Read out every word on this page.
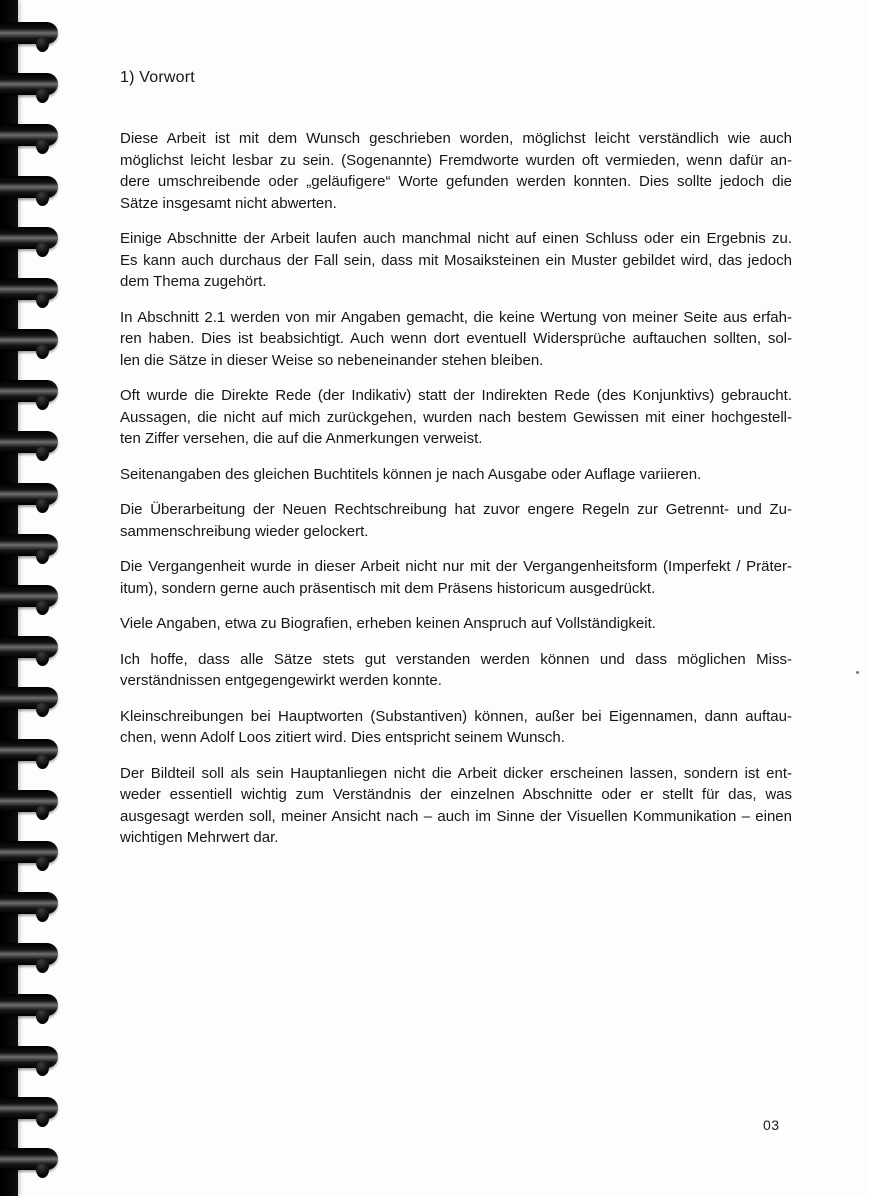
1) Vorwort
Diese Arbeit ist mit dem Wunsch geschrieben worden, möglichst leicht verständlich wie auch
möglichst leicht lesbar zu sein. (Sogenannte) Fremdworte wurden oft vermieden, wenn dafür an-
dere umschreibende oder „geläufigere“ Worte gefunden werden konnten. Dies sollte jedoch die
Sätze insgesamt nicht abwerten.
Einige Abschnitte der Arbeit laufen auch manchmal nicht auf einen Schluss oder ein Ergebnis zu.
Es kann auch durchaus der Fall sein, dass mit Mosaiksteinen ein Muster gebildet wird, das jedoch
dem Thema zugehört.
In Abschnitt 2.1 werden von mir Angaben gemacht, die keine Wertung von meiner Seite aus erfah-
ren haben. Dies ist beabsichtigt. Auch wenn dort eventuell Widersprüche auftauchen sollten, sol-
len die Sätze in dieser Weise so nebeneinander stehen bleiben.
Oft wurde die Direkte Rede (der Indikativ) statt der Indirekten Rede (des Konjunktivs) gebraucht.
Aussagen, die nicht auf mich zurückgehen, wurden nach bestem Gewissen mit einer hochgestell-
ten Ziffer versehen, die auf die Anmerkungen verweist.
Seitenangaben des gleichen Buchtitels können je nach Ausgabe oder Auflage variieren.
Die Überarbeitung der Neuen Rechtschreibung hat zuvor engere Regeln zur Getrennt- und Zu-
sammenschreibung wieder gelockert.
Die Vergangenheit wurde in dieser Arbeit nicht nur mit der Vergangenheitsform (Imperfekt / Präter-
itum), sondern gerne auch präsentisch mit dem Präsens historicum ausgedrückt.
Viele Angaben, etwa zu Biografien, erheben keinen Anspruch auf Vollständigkeit.
Ich hoffe, dass alle Sätze stets gut verstanden werden können und dass möglichen Miss-
verständnissen entgegengewirkt werden konnte.
Kleinschreibungen bei Hauptworten (Substantiven) können, außer bei Eigennamen, dann auftau-
chen, wenn Adolf Loos zitiert wird. Dies entspricht seinem Wunsch.
Der Bildteil soll als sein Hauptanliegen nicht die Arbeit dicker erscheinen lassen, sondern ist ent-
weder essentiell wichtig zum Verständnis der einzelnen Abschnitte oder er stellt für das, was
ausgesagt werden soll, meiner Ansicht nach – auch im Sinne der Visuellen Kommunikation – einen
wichtigen Mehrwert dar.
03
